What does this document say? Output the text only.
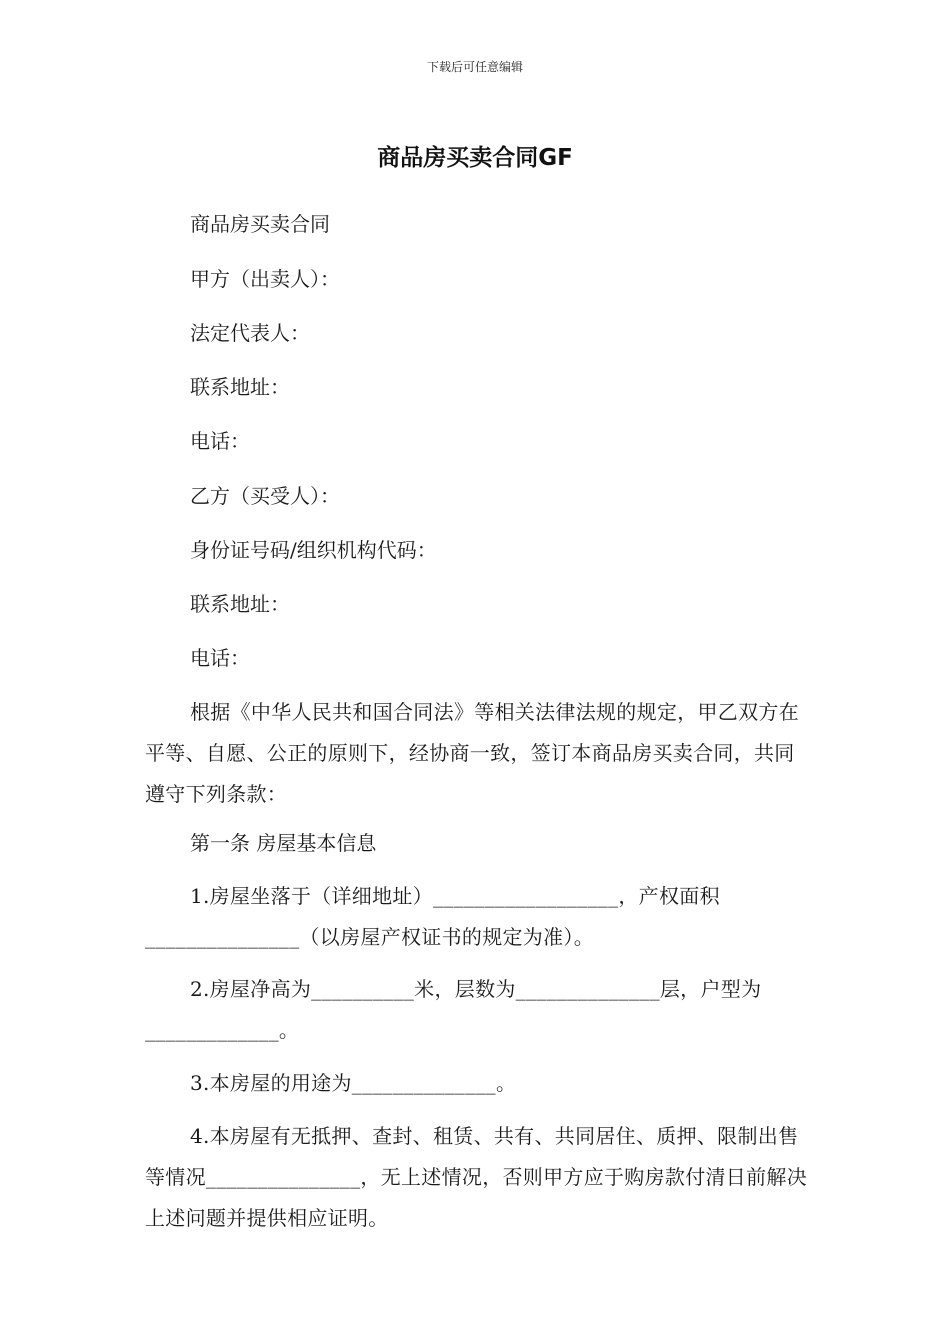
下载后可任意编辑
商品房买卖合同GF
商品房买卖合同
甲方（出卖人）：
法定代表人：
联系地址：
电话：
乙方（买受人）：
身份证号码/组织机构代码：
联系地址：
电话：
根据《中华人民共和国合同法》等相关法律法规的规定，甲乙双方在平等、自愿、公正的原则下，经协商一致，签订本商品房买卖合同，共同遵守下列条款：
第一条 房屋基本信息
1.房屋坐落于（详细地址）__________________，产权面积_______________（以房屋产权证书的规定为准）。
2.房屋净高为__________米，层数为______________层，户型为_____________。
3.本房屋的用途为______________。
4.本房屋有无抵押、查封、租赁、共有、共同居住、质押、限制出售等情况_______________，无上述情况，否则甲方应于购房款付清日前解决上述问题并提供相应证明。
